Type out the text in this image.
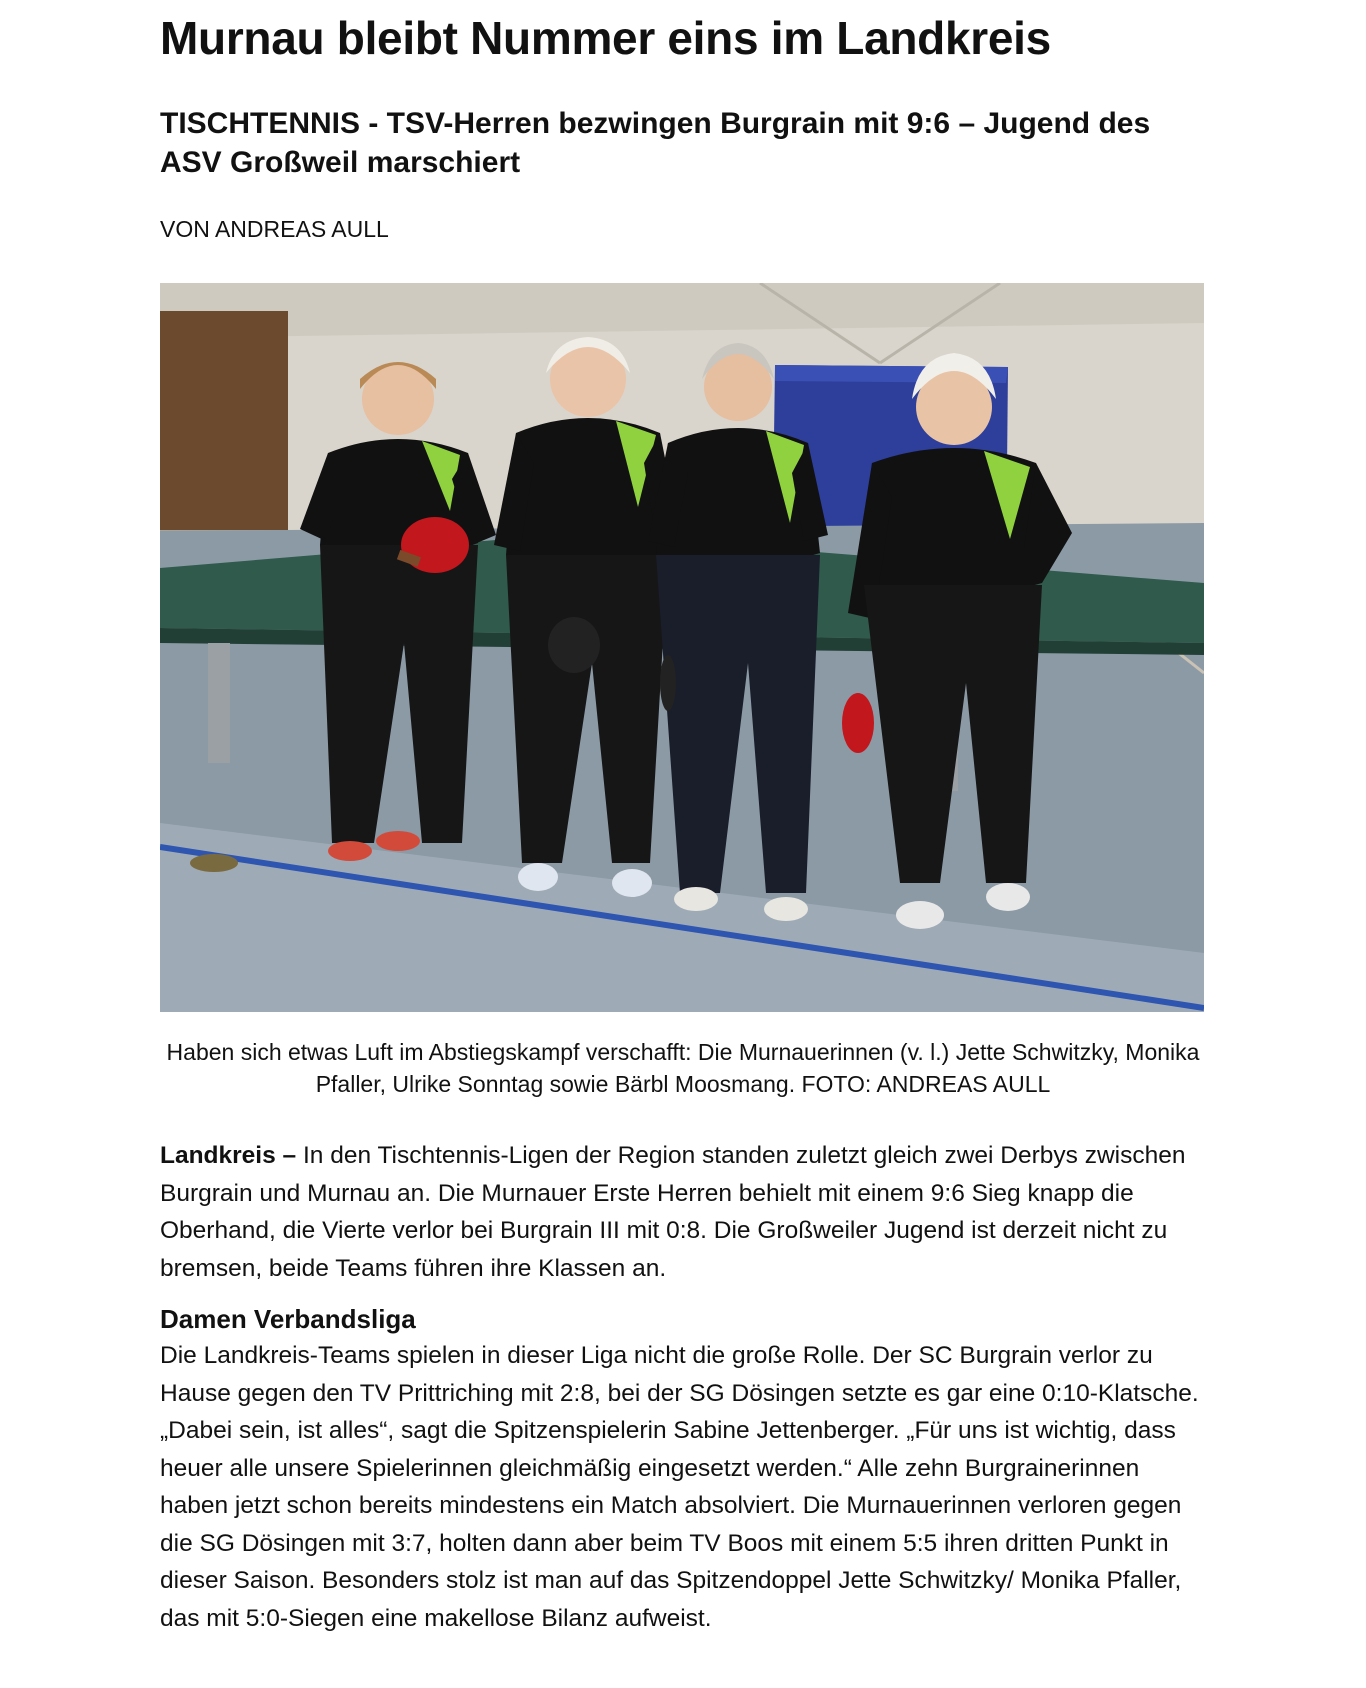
Murnau bleibt Nummer eins im Landkreis
TISCHTENNIS - TSV-Herren bezwingen Burgrain mit 9:6 – Jugend des ASV Großweil marschiert
VON ANDREAS AULL
Haben sich etwas Luft im Abstiegskampf verschafft: Die Murnauerinnen (v. l.) Jette Schwitzky, Monika Pfaller, Ulrike Sonntag sowie Bärbl Moosmang. FOTO: ANDREAS AULL

Landkreis – In den Tischtennis-Ligen der Region standen zuletzt gleich zwei Derbys zwischen Burgrain und Murnau an. Die Murnauer Erste Herren behielt mit einem 9:6 Sieg knapp die Oberhand, die Vierte verlor bei Burgrain III mit 0:8. Die Großweiler Jugend ist derzeit nicht zu bremsen, beide Teams führen ihre Klassen an.

Damen Verbandsliga

Die Landkreis-Teams spielen in dieser Liga nicht die große Rolle. Der SC Burgrain verlor zu Hause gegen den TV Prittriching mit 2:8, bei der SG Dösingen setzte es gar eine 0:10-Klatsche. „Dabei sein, ist alles“, sagt die Spitzenspielerin Sabine Jettenberger. „Für uns ist wichtig, dass heuer alle unsere Spielerinnen gleichmäßig eingesetzt werden.“ Alle zehn Burgrainerinnen haben jetzt schon bereits mindestens ein Match absolviert. Die Murnauerinnen verloren gegen die SG Dösingen mit 3:7, holten dann aber beim TV Boos mit einem 5:5 ihren dritten Punkt in dieser Saison. Besonders stolz ist man auf das Spitzendoppel Jette Schwitzky/ Monika Pfaller, das mit 5:0-Siegen eine makellose Bilanz aufweist.
